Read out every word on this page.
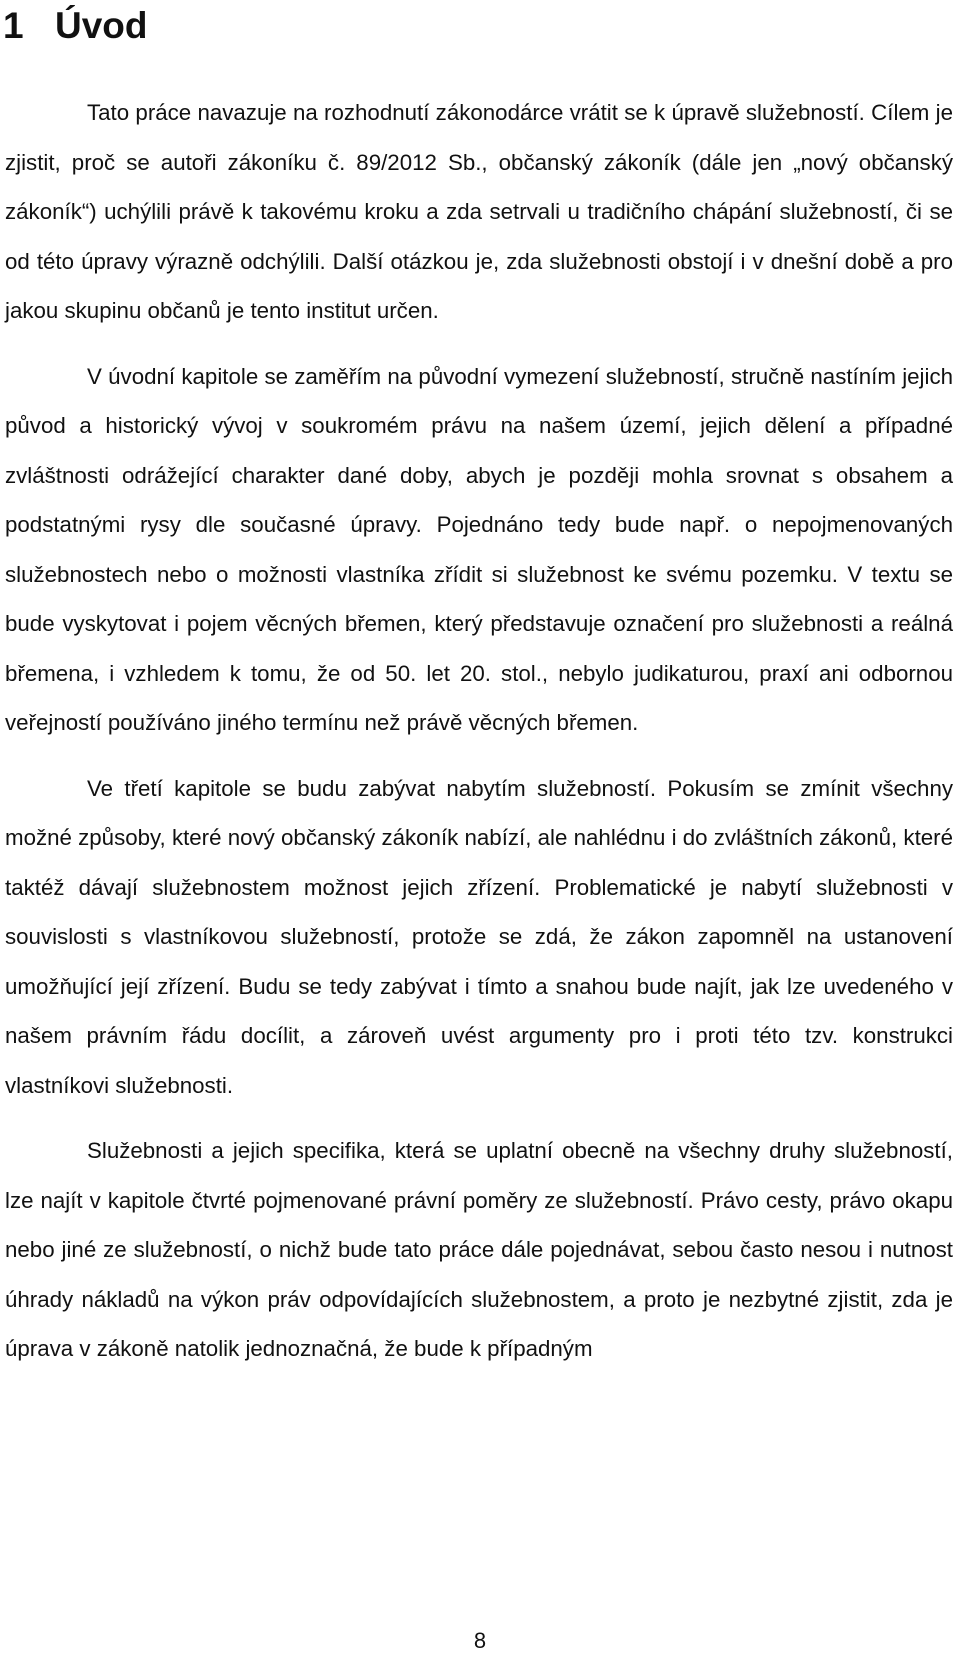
1 Úvod

Tato práce navazuje na rozhodnutí zákonodárce vrátit se k úpravě služebností. Cílem je zjistit, proč se autoři zákoníku č. 89/2012 Sb., občanský zákoník (dále jen „nový občanský zákoník“) uchýlili právě k takovému kroku a zda setrvali u tradičního chápání služebností, či se od této úpravy výrazně odchýlili. Další otázkou je, zda služebnosti obstojí i v dnešní době a pro jakou skupinu občanů je tento institut určen.

V úvodní kapitole se zaměřím na původní vymezení služebností, stručně nastíním jejich původ a historický vývoj v soukromém právu na našem území, jejich dělení a případné zvláštnosti odrážející charakter dané doby, abych je později mohla srovnat s obsahem a podstatnými rysy dle současné úpravy. Pojednáno tedy bude např. o nepojmenovaných služebnostech nebo o možnosti vlastníka zřídit si služebnost ke svému pozemku. V textu se bude vyskytovat i pojem věcných břemen, který představuje označení pro služebnosti a reálná břemena, i vzhledem k tomu, že od 50. let 20. stol., nebylo judikaturou, praxí ani odbornou veřejností používáno jiného termínu než právě věcných břemen.

Ve třetí kapitole se budu zabývat nabytím služebností. Pokusím se zmínit všechny možné způsoby, které nový občanský zákoník nabízí, ale nahlédnu i do zvláštních zákonů, které taktéž dávají služebnostem možnost jejich zřízení. Problematické je nabytí služebnosti v souvislosti s vlastníkovou služebností, protože se zdá, že zákon zapomněl na ustanovení umožňující její zřízení. Budu se tedy zabývat i tímto a snahou bude najít, jak lze uvedeného v našem právním řádu docílit, a zároveň uvést argumenty pro i proti této tzv. konstrukci vlastníkovi služebnosti.

Služebnosti a jejich specifika, která se uplatní obecně na všechny druhy služebností, lze najít v kapitole čtvrté pojmenované právní poměry ze služebností. Právo cesty, právo okapu nebo jiné ze služebností, o nichž bude tato práce dále pojednávat, sebou často nesou i nutnost úhrady nákladů na výkon práv odpovídajících služebnostem, a proto je nezbytné zjistit, zda je úprava v zákoně natolik jednoznačná, že bude k případným

8
